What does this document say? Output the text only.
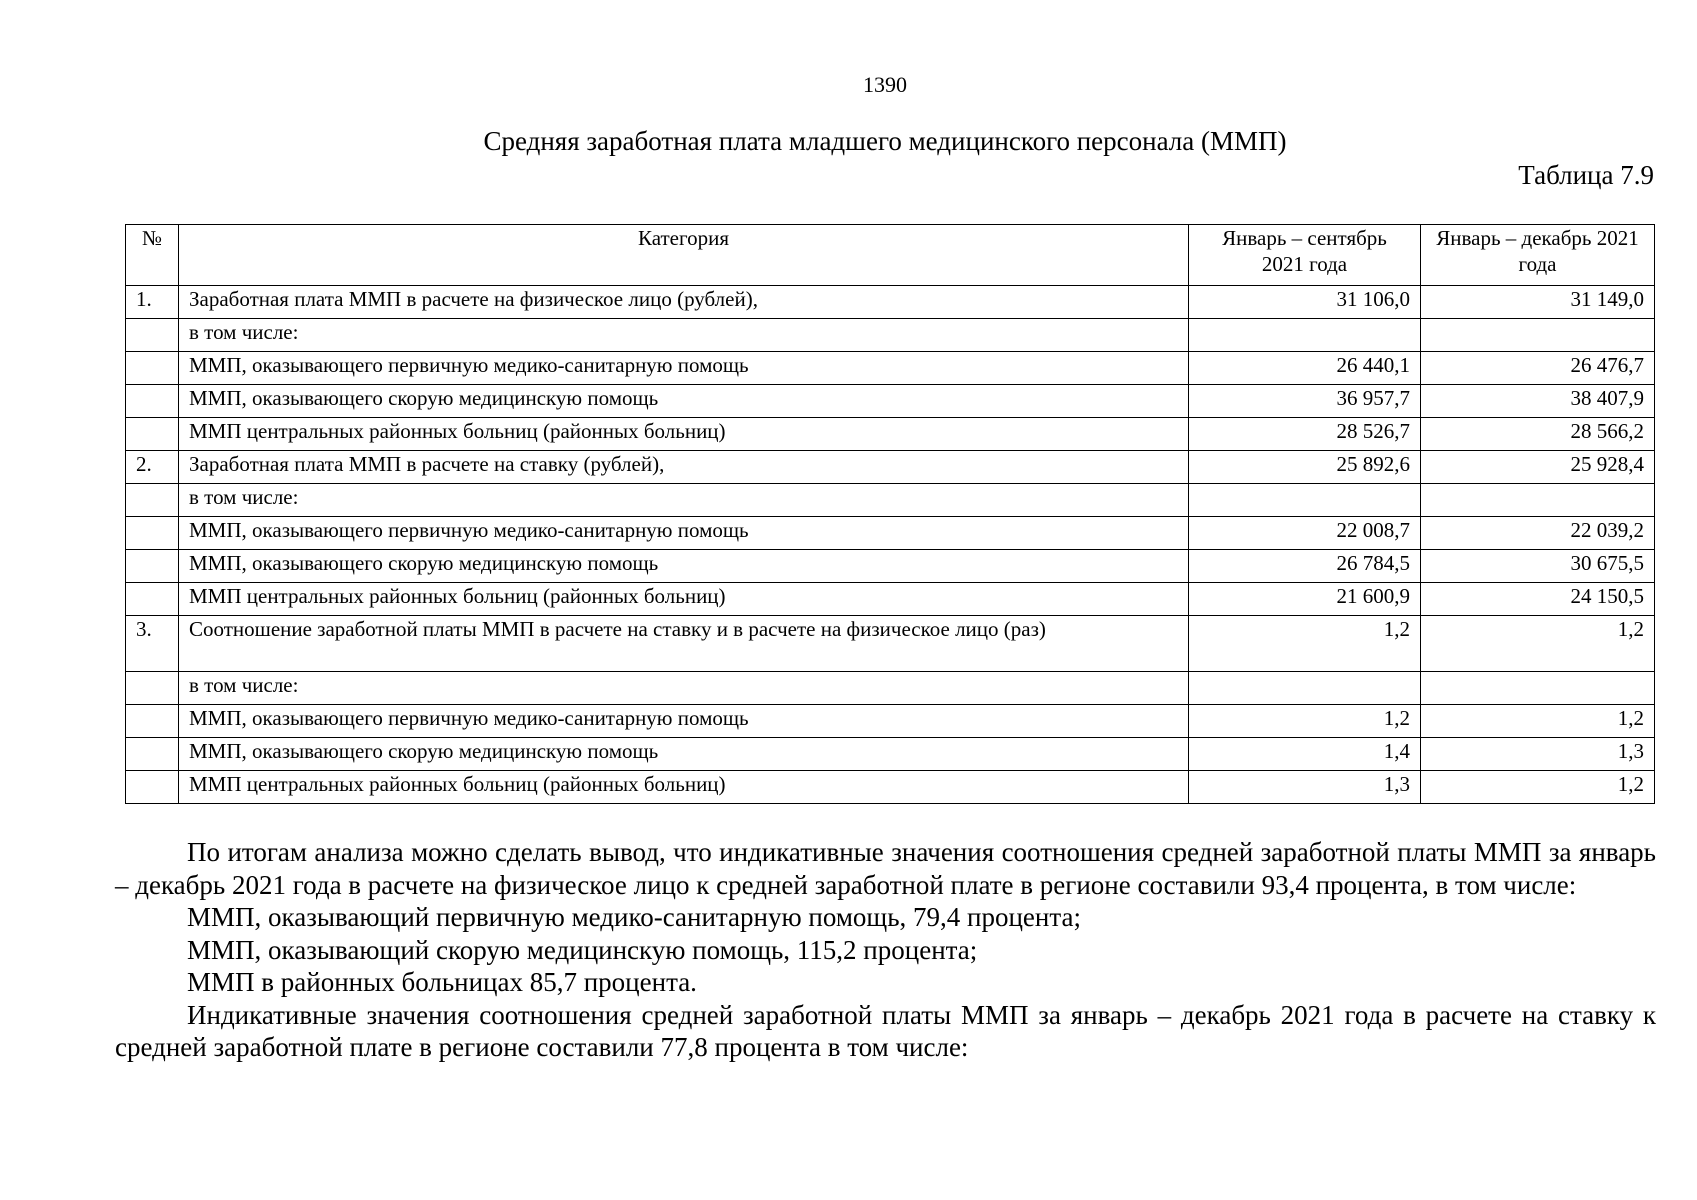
1390
Средняя заработная плата младшего медицинского персонала (ММП)
Таблица 7.9
№	Категория	Январь – сентябрь 2021 года	Январь – декабрь 2021 года
1.	Заработная плата ММП в расчете на физическое лицо (рублей),	31 106,0	31 149,0
	в том числе:		
	ММП, оказывающего первичную медико-санитарную помощь	26 440,1	26 476,7
	ММП, оказывающего скорую медицинскую помощь	36 957,7	38 407,9
	ММП центральных районных больниц (районных больниц)	28 526,7	28 566,2
2.	Заработная плата ММП в расчете на ставку (рублей),	25 892,6	25 928,4
	в том числе:		
	ММП, оказывающего первичную медико-санитарную помощь	22 008,7	22 039,2
	ММП, оказывающего скорую медицинскую помощь	26 784,5	30 675,5
	ММП центральных районных больниц (районных больниц)	21 600,9	24 150,5
3.	Соотношение заработной платы ММП в расчете на ставку и в расчете на физическое лицо (раз)	1,2	1,2
	в том числе:		
	ММП, оказывающего первичную медико-санитарную помощь	1,2	1,2
	ММП, оказывающего скорую медицинскую помощь	1,4	1,3
	ММП центральных районных больниц (районных больниц)	1,3	1,2

По итогам анализа можно сделать вывод, что индикативные значения соотношения средней заработной платы ММП за январь – декабрь 2021 года в расчете на физическое лицо к средней заработной плате в регионе составили 93,4 процента, в том числе:

ММП, оказывающий первичную медико-санитарную помощь, 79,4 процента;

ММП, оказывающий скорую медицинскую помощь, 115,2 процента;

ММП в районных больницах 85,7 процента.

Индикативные значения соотношения средней заработной платы ММП за январь – декабрь 2021 года в расчете на ставку к средней заработной плате в регионе составили 77,8 процента в том числе:
